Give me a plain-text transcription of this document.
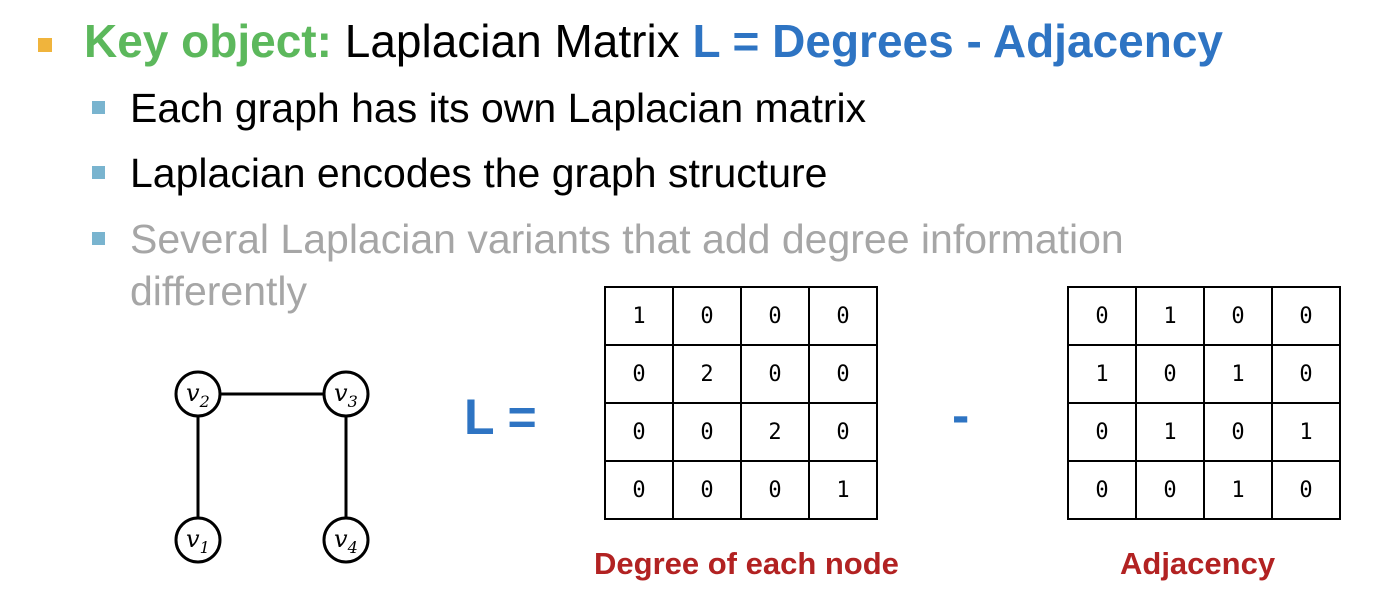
Key object: Laplacian Matrix L = Degrees - Adjacency
Each graph has its own Laplacian matrix
Laplacian encodes the graph structure
Several Laplacian variants that add degree information
differently
$v_2$	$v_3$
$v_1$	$v_4$
L =
1	0	0	0
0	2	0	0
0	0	2	0
0	0	0	1
-
0	1	0	0
1	0	1	0
0	1	0	1
0	0	1	0
Degree of each node	Adjacency
